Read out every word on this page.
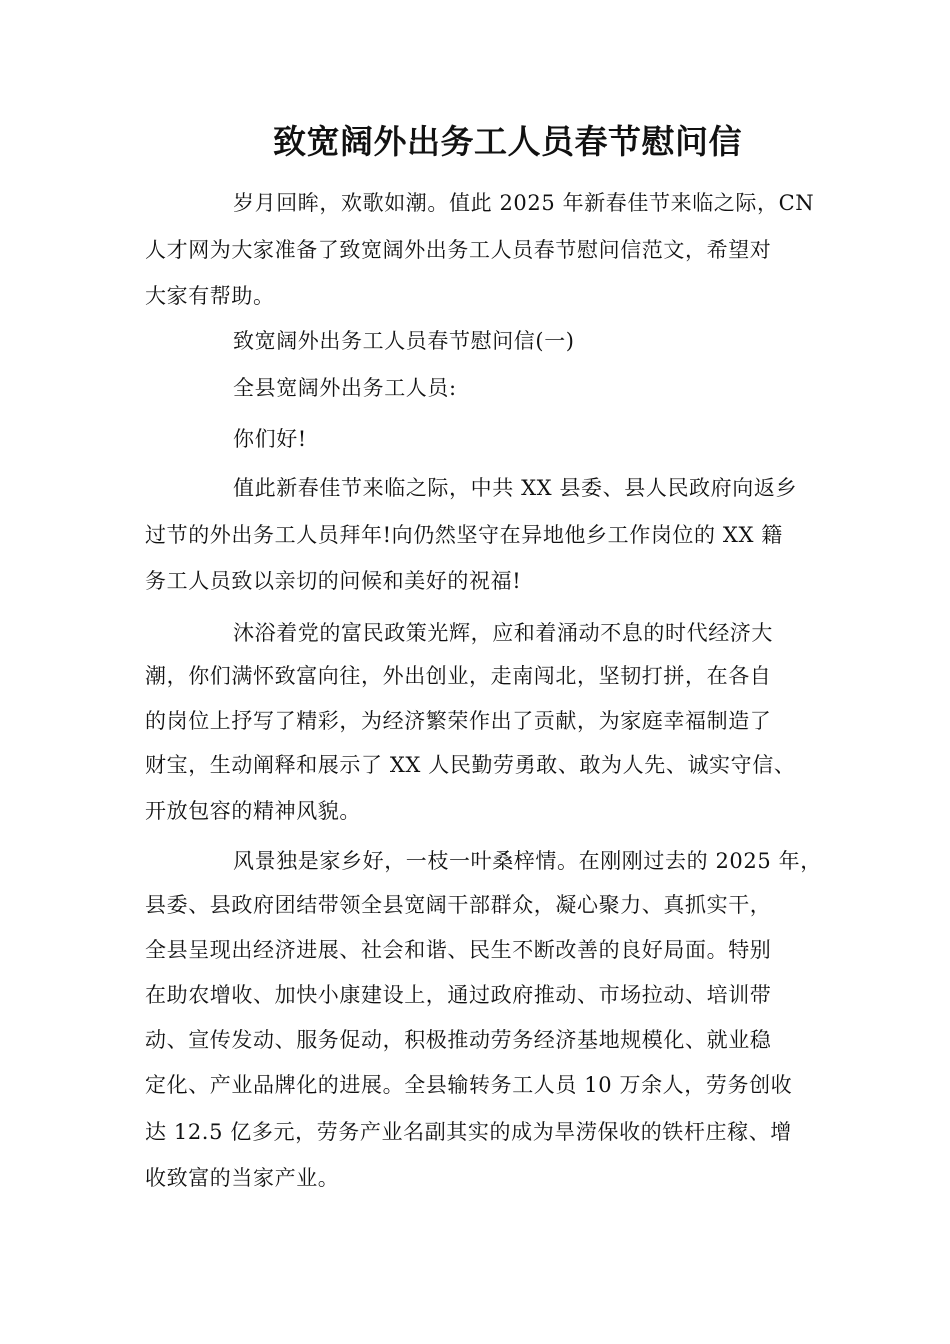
致宽阔外出务工人员春节慰问信
岁月回眸，欢歌如潮。值此 2025 年新春佳节来临之际，CN
人才网为大家准备了致宽阔外出务工人员春节慰问信范文，希望对
大家有帮助。
致宽阔外出务工人员春节慰问信(一)
全县宽阔外出务工人员:
你们好!
值此新春佳节来临之际，中共 XX 县委、县人民政府向返乡
过节的外出务工人员拜年!向仍然坚守在异地他乡工作岗位的 XX 籍
务工人员致以亲切的问候和美好的祝福!
沐浴着党的富民政策光辉，应和着涌动不息的时代经济大
潮，你们满怀致富向往，外出创业，走南闯北，坚韧打拼，在各自
的岗位上抒写了精彩，为经济繁荣作出了贡献，为家庭幸福制造了
财宝，生动阐释和展示了 XX 人民勤劳勇敢、敢为人先、诚实守信、
开放包容的精神风貌。
风景独是家乡好，一枝一叶桑梓情。在刚刚过去的 2025 年，
县委、县政府团结带领全县宽阔干部群众，凝心聚力、真抓实干，
全县呈现出经济进展、社会和谐、民生不断改善的良好局面。特别
在助农增收、加快小康建设上，通过政府推动、市场拉动、培训带
动、宣传发动、服务促动，积极推动劳务经济基地规模化、就业稳
定化、产业品牌化的进展。全县输转务工人员 10 万余人，劳务创收
达 12.5 亿多元，劳务产业名副其实的成为旱涝保收的铁杆庄稼、增
收致富的当家产业。
